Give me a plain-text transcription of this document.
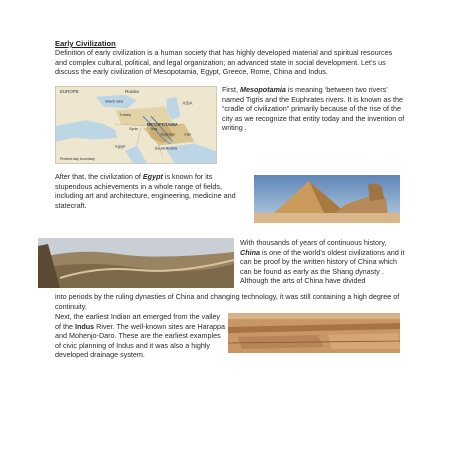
Early Civilization

Definition of early civilization is a human society that has highly developed material and spiritual resources and complex cultural, political, and legal organization; an advanced state in social development. Let’s us discuss the early civilization of Mesopotamia, Egypt, Greece, Rome, China and Indus.

EUROPE	Russia
Black Sea	ASIA
Turkey
Syria	Iraq
MESOPOTAMIA
Baghdad Iran
Egypt	Saudi Arabia
Present-day boundary

First, Mesopotamia is meaning ‘between two rivers’ named Tigris and the Euphrates rivers. It is known as the “cradle of civilization” primarily because of the rise of the city as we recognize that entity today and the invention of writing .

After that, the civilization of Egypt is known for its stupendous achievements in a whole range of fields, including art and architecture, engineering, medicine and statecraft.

With thousands of years of continuous history, China is one of the world’s oldest civilizations and it can be proof by the written history of China which can be found as early as the Shang dynasty . Although the arts of China have divided

into periods by the ruling dynasties of China and changing technology, it was still containing a high degree of continuity.

Next, the earliest Indian art emerged from the valley of the Indus River. The well-known sites are Harappa and Mohenjo-Daro. These are the earliest examples of civic planning of Indus and it was also a highly developed drainage system.
